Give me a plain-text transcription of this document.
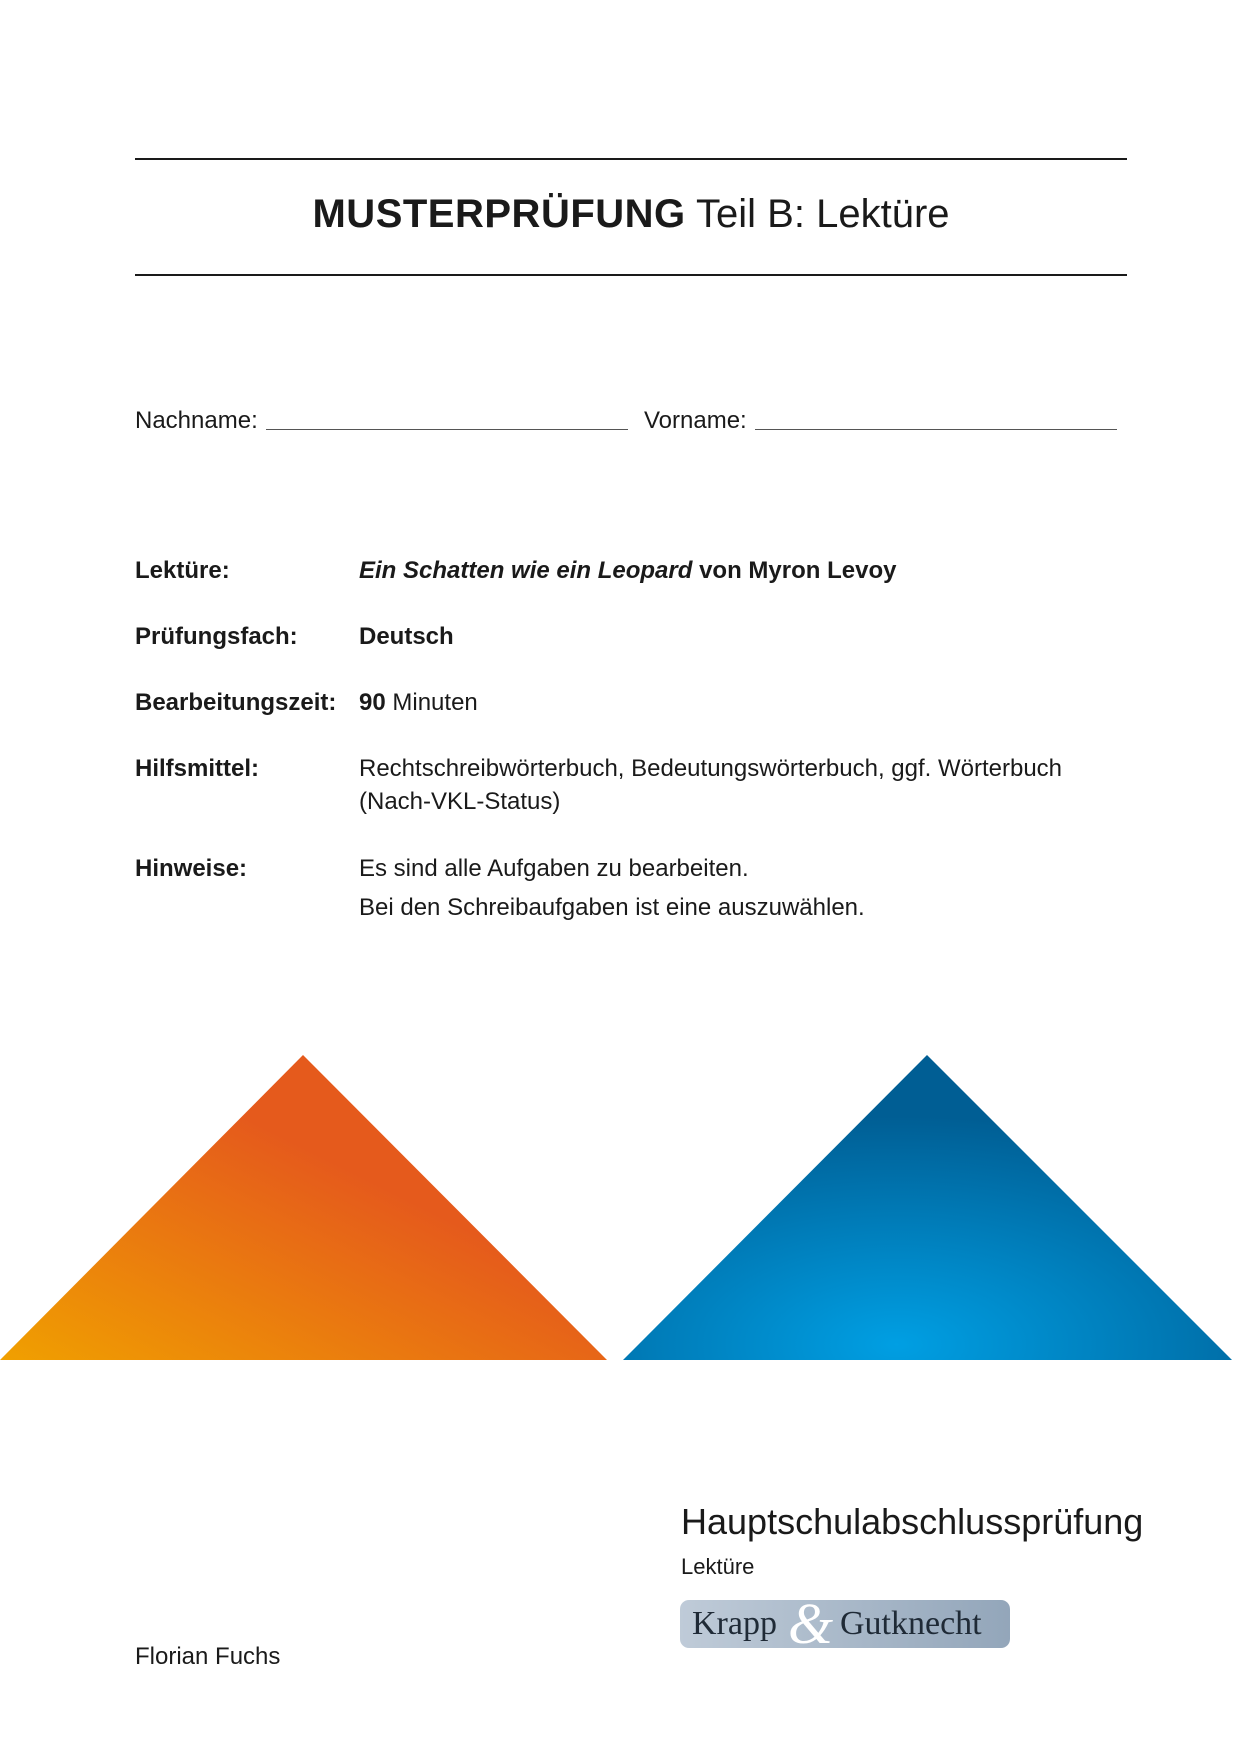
MUSTERPRÜFUNG Teil B: Lektüre
Nachname:	Vorname:
Lektüre:	Ein Schatten wie ein Leopard von Myron Levoy
Prüfungsfach:	Deutsch
Bearbeitungszeit: 90 Minuten
Hilfsmittel:	Rechtschreibwörterbuch, Bedeutungswörterbuch, ggf. Wörterbuch (Nach-VKL-Status)
Hinweise:	Es sind alle Aufgaben zu bearbeiten.
Bei den Schreibaufgaben ist eine auszuwählen.
Hauptschulabschlussprüfung
Lektüre
Krapp & Gutknecht
Florian Fuchs
